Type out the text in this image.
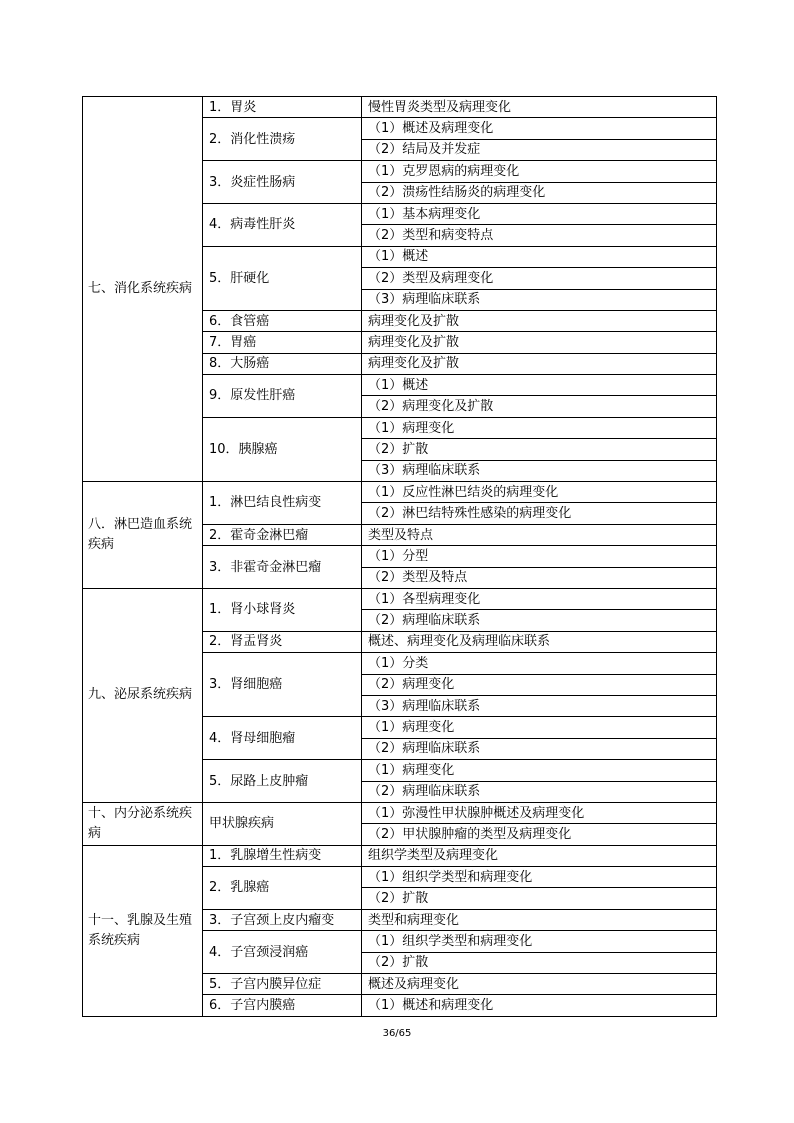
七、消化系统疾病	1．胃炎	慢性胃炎类型及病理变化
	2．消化性溃疡	（1）概述及病理变化
		（2）结局及并发症
	3．炎症性肠病	（1）克罗恩病的病理变化
		（2）溃疡性结肠炎的病理变化
	4．病毒性肝炎	（1）基本病理变化
		（2）类型和病变特点
	5．肝硬化	（1）概述
		（2）类型及病理变化
		（3）病理临床联系
	6．食管癌	病理变化及扩散
	7．胃癌	病理变化及扩散
	8．大肠癌	病理变化及扩散
	9．原发性肝癌	（1）概述
		（2）病理变化及扩散
	10．胰腺癌	（1）病理变化
		（2）扩散
		（3）病理临床联系
八．淋巴造血系统疾病	1．淋巴结良性病变	（1）反应性淋巴结炎的病理变化
		（2）淋巴结特殊性感染的病理变化
	2．霍奇金淋巴瘤	类型及特点
	3．非霍奇金淋巴瘤	（1）分型
		（2）类型及特点
九、泌尿系统疾病	1．肾小球肾炎	（1）各型病理变化
		（2）病理临床联系
	2．肾盂肾炎	概述、病理变化及病理临床联系
	3．肾细胞癌	（1）分类
		（2）病理变化
		（3）病理临床联系
	4．肾母细胞瘤	（1）病理变化
		（2）病理临床联系
	5．尿路上皮肿瘤	（1）病理变化
		（2）病理临床联系
十、内分泌系统疾病	甲状腺疾病	（1）弥漫性甲状腺肿概述及病理变化
		（2）甲状腺肿瘤的类型及病理变化
十一、乳腺及生殖系统疾病	1．乳腺增生性病变	组织学类型及病理变化
	2．乳腺癌	（1）组织学类型和病理变化
		（2）扩散
	3．子宫颈上皮内瘤变	类型和病理变化
	4．子宫颈浸润癌	（1）组织学类型和病理变化
		（2）扩散
	5．子宫内膜异位症	概述及病理变化
	6．子宫内膜癌	（1）概述和病理变化
36/65
